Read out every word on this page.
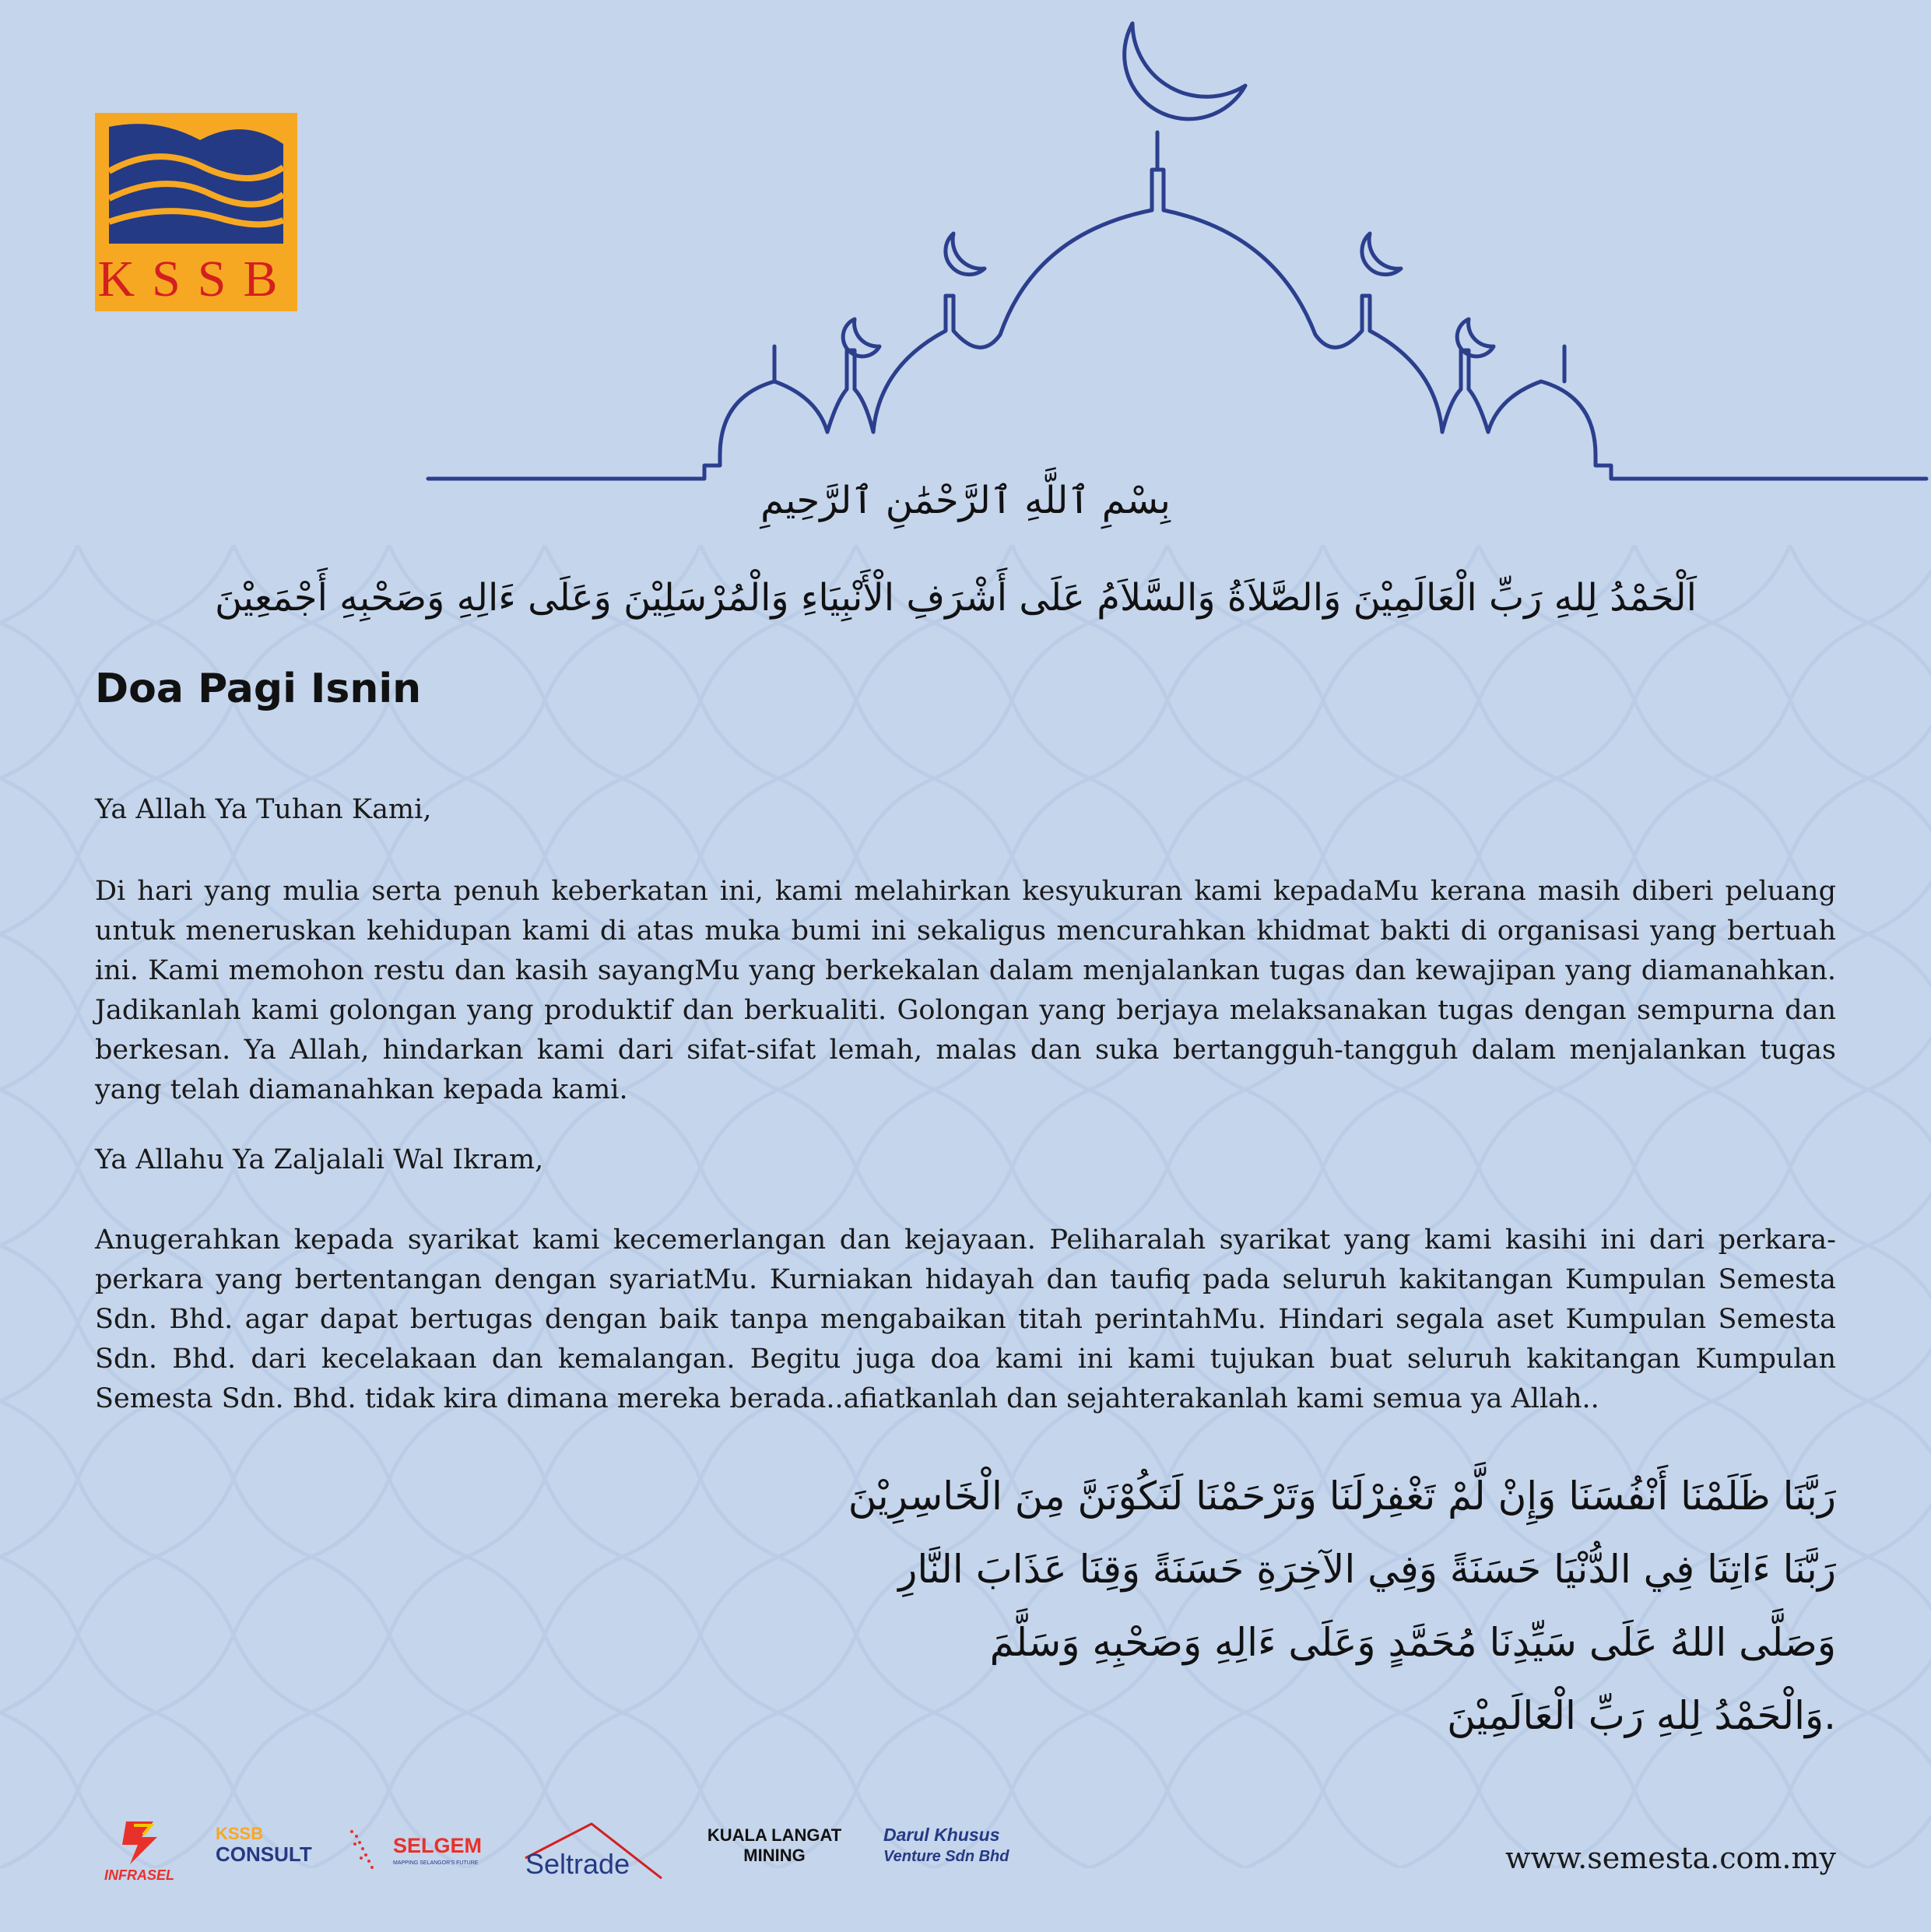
KSSB
بِسْمِ ٱللَّهِ ٱلرَّحْمَٰنِ ٱلرَّحِيمِ
اَلْحَمْدُ لِلهِ رَبِّ الْعَالَمِيْنَ وَالصَّلاَةُ وَالسَّلاَمُ عَلَى أَشْرَفِ الْأَنْبِيَاءِ وَالْمُرْسَلِيْنَ وَعَلَى ءَالِهِ وَصَحْبِهِ أَجْمَعِيْنَ
Doa Pagi Isnin
Ya Allah Ya Tuhan Kami,

Di hari yang mulia serta penuh keberkatan ini, kami melahirkan kesyukuran kami kepadaMu kerana masih diberi peluang untuk meneruskan kehidupan kami di atas muka bumi ini sekaligus mencurahkan khidmat bakti di organisasi yang bertuah ini. Kami memohon restu dan kasih sayangMu yang berkekalan dalam menjalankan tugas dan kewajipan yang diamanahkan. Jadikanlah kami golongan yang produktif dan berkualiti. Golongan yang berjaya melaksanakan tugas dengan sempurna dan berkesan. Ya Allah, hindarkan kami dari sifat-sifat lemah, malas dan suka bertangguh-tangguh dalam menjalankan tugas yang telah diamanahkan kepada kami.

Ya Allahu Ya Zaljalali Wal Ikram,

Anugerahkan kepada syarikat kami kecemerlangan dan kejayaan. Peliharalah syarikat yang kami kasihi ini dari perkara-perkara yang bertentangan dengan syariatMu. Kurniakan hidayah dan taufiq pada seluruh kakitangan Kumpulan Semesta Sdn. Bhd. agar dapat bertugas dengan baik tanpa mengabaikan titah perintahMu. Hindari segala aset Kumpulan Semesta Sdn. Bhd. dari kecelakaan dan kemalangan. Begitu juga doa kami ini kami tujukan buat seluruh kakitangan Kumpulan Semesta Sdn. Bhd. tidak kira dimana mereka berada..afiatkanlah dan sejahterakanlah kami semua ya Allah..

رَبَّنَا ظَلَمْنَا أَنْفُسَنَا وَإِنْ لَّمْ تَغْفِرْلَنَا وَتَرْحَمْنَا لَنَكُوْنَنَّ مِنَ الْخَاسِرِيْنَ
رَبَّنَا ءَاتِنَا فِي الدُّنْيَا حَسَنَةً وَفِي الآخِرَةِ حَسَنَةً وَقِنَا عَذَابَ النَّارِ
وَصَلَّى اللهُ عَلَى سَيِّدِنَا مُحَمَّدٍ وَعَلَى ءَالِهِ وَصَحْبِهِ وَسَلَّمَ
.وَالْحَمْدُ لِلهِ رَبِّ الْعَالَمِيْنَ
INFRASEL
KSSB
CONSULT	SELGEM
MAPPING SELANGOR'S FUTURE Seltrade
KUALA LANGAT
MINING
Darul Khusus
Venture Sdn Bhd	www.semesta.com.my
